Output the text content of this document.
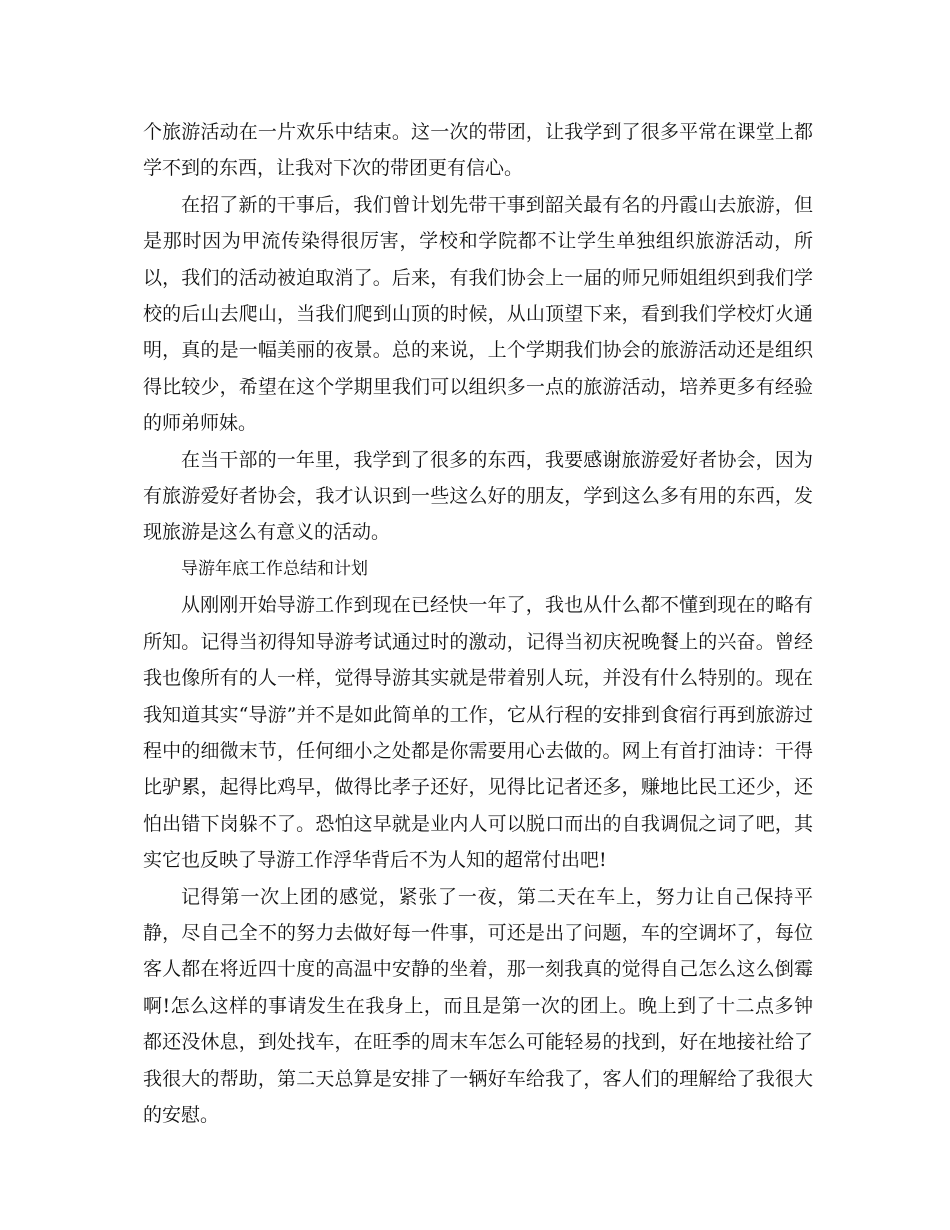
个旅游活动在一片欢乐中结束。这一次的带团，让我学到了很多平常在课堂上都学不到的东西，让我对下次的带团更有信心。

在招了新的干事后，我们曾计划先带干事到韶关最有名的丹霞山去旅游，但是那时因为甲流传染得很厉害，学校和学院都不让学生单独组织旅游活动，所以，我们的活动被迫取消了。后来，有我们协会上一届的师兄师姐组织到我们学校的后山去爬山，当我们爬到山顶的时候，从山顶望下来，看到我们学校灯火通明，真的是一幅美丽的夜景。总的来说，上个学期我们协会的旅游活动还是组织得比较少，希望在这个学期里我们可以组织多一点的旅游活动，培养更多有经验的师弟师妹。

在当干部的一年里，我学到了很多的东西，我要感谢旅游爱好者协会，因为有旅游爱好者协会，我才认识到一些这么好的朋友，学到这么多有用的东西，发现旅游是这么有意义的活动。

导游年底工作总结和计划

从刚刚开始导游工作到现在已经快一年了，我也从什么都不懂到现在的略有所知。记得当初得知导游考试通过时的激动，记得当初庆祝晚餐上的兴奋。曾经我也像所有的人一样，觉得导游其实就是带着别人玩，并没有什么特别的。现在我知道其实“导游”并不是如此简单的工作，它从行程的安排到食宿行再到旅游过程中的细微末节，任何细小之处都是你需要用心去做的。网上有首打油诗：干得比驴累，起得比鸡早，做得比孝子还好，见得比记者还多，赚地比民工还少，还怕出错下岗躲不了。恐怕这早就是业内人可以脱口而出的自我调侃之词了吧，其实它也反映了导游工作浮华背后不为人知的超常付出吧!

记得第一次上团的感觉，紧张了一夜，第二天在车上，努力让自己保持平静，尽自己全不的努力去做好每一件事，可还是出了问题，车的空调坏了，每位客人都在将近四十度的高温中安静的坐着，那一刻我真的觉得自己怎么这么倒霉啊!怎么这样的事请发生在我身上，而且是第一次的团上。晚上到了十二点多钟都还没休息，到处找车，在旺季的周末车怎么可能轻易的找到，好在地接社给了我很大的帮助，第二天总算是安排了一辆好车给我了，客人们的理解给了我很大的安慰。
